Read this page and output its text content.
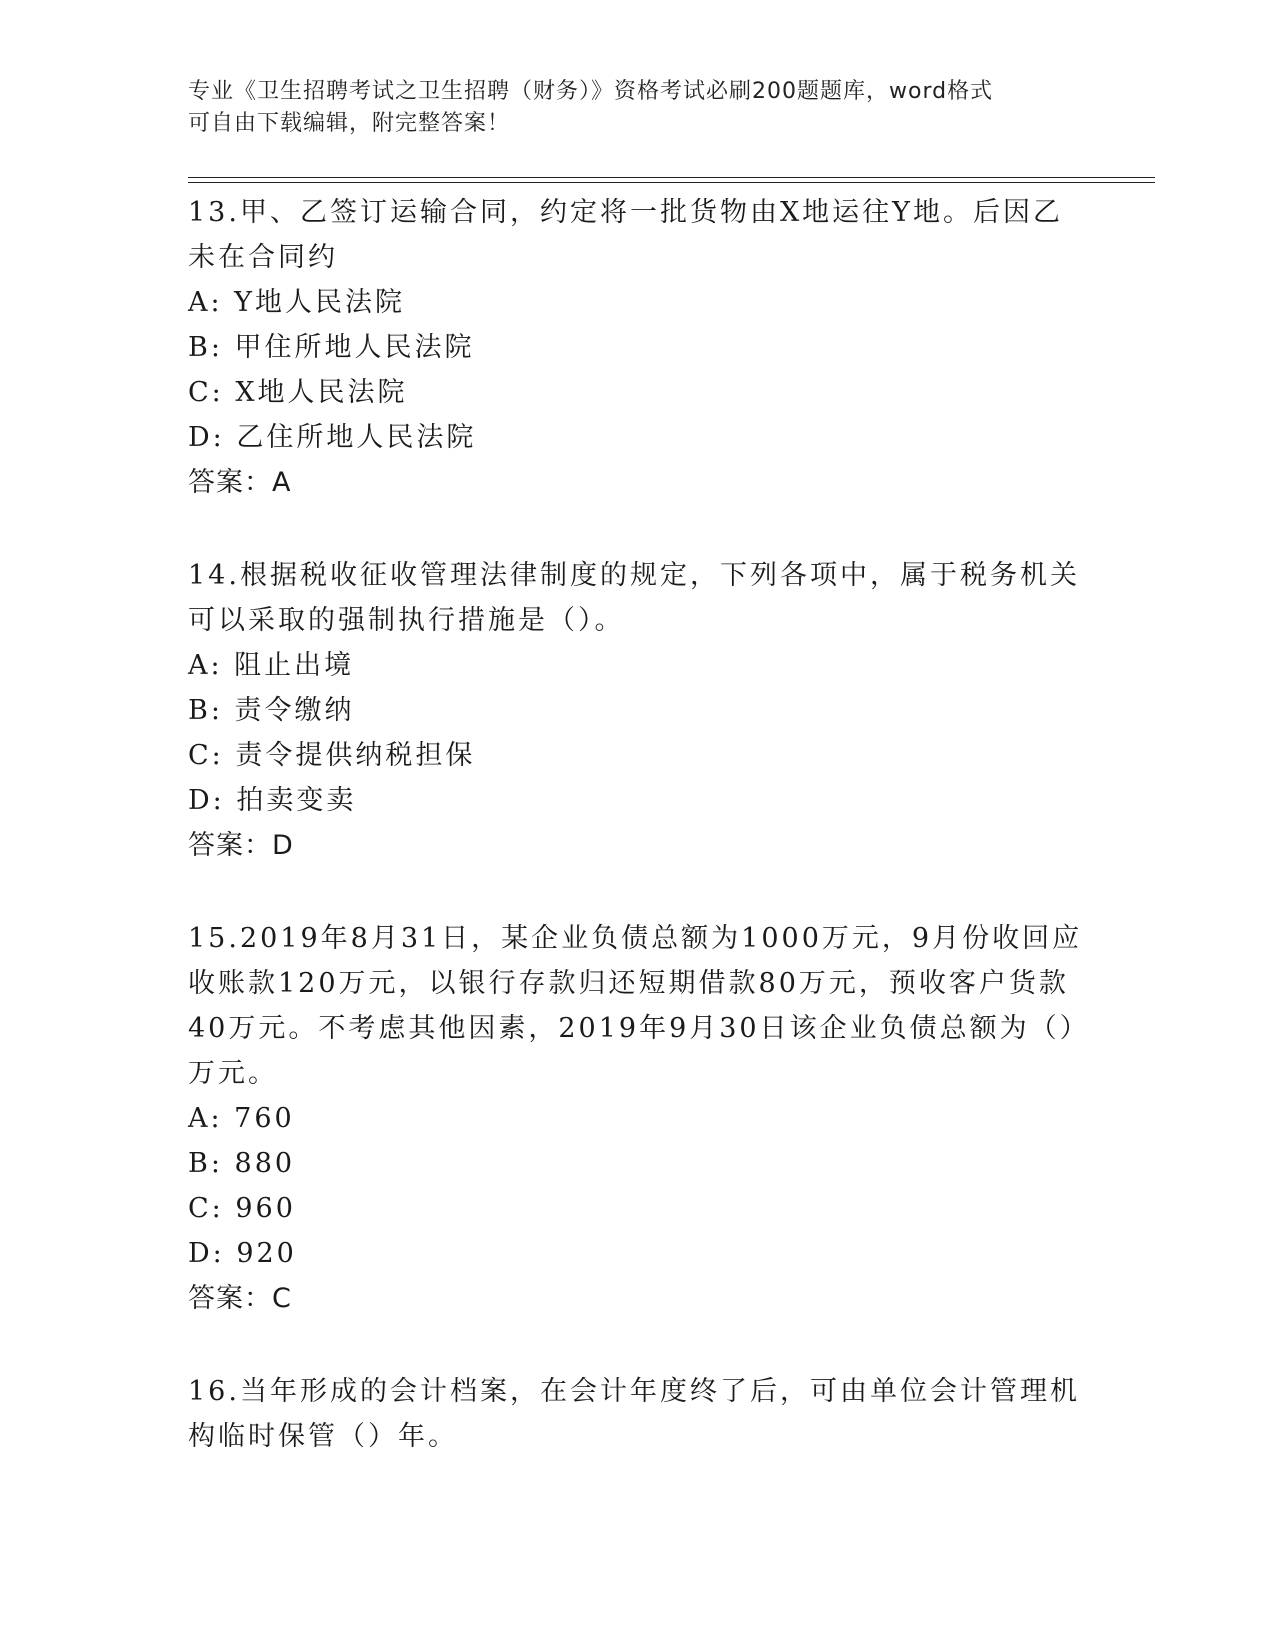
专业《卫生招聘考试之卫生招聘（财务）》资格考试必刷200题题库，word格式
可自由下载编辑，附完整答案！
13.甲、乙签订运输合同，约定将一批货物由X地运往Y地。后因乙未在合同约
A: Y地人民法院
B: 甲住所地人民法院
C: X地人民法院
D: 乙住所地人民法院
答案：A
14.根据税收征收管理法律制度的规定，下列各项中，属于税务机关可以采取的强制执行措施是（）。
A: 阻止出境
B: 责令缴纳
C: 责令提供纳税担保
D: 拍卖变卖
答案：D
15.2019年8月31日，某企业负债总额为1000万元，9月份收回应收账款120万元，以银行存款归还短期借款80万元，预收客户货款40万元。不考虑其他因素，2019年9月30日该企业负债总额为（）万元。
A: 760
B: 880
C: 960
D: 920
答案：C
16.当年形成的会计档案，在会计年度终了后，可由单位会计管理机构临时保管（）年。
